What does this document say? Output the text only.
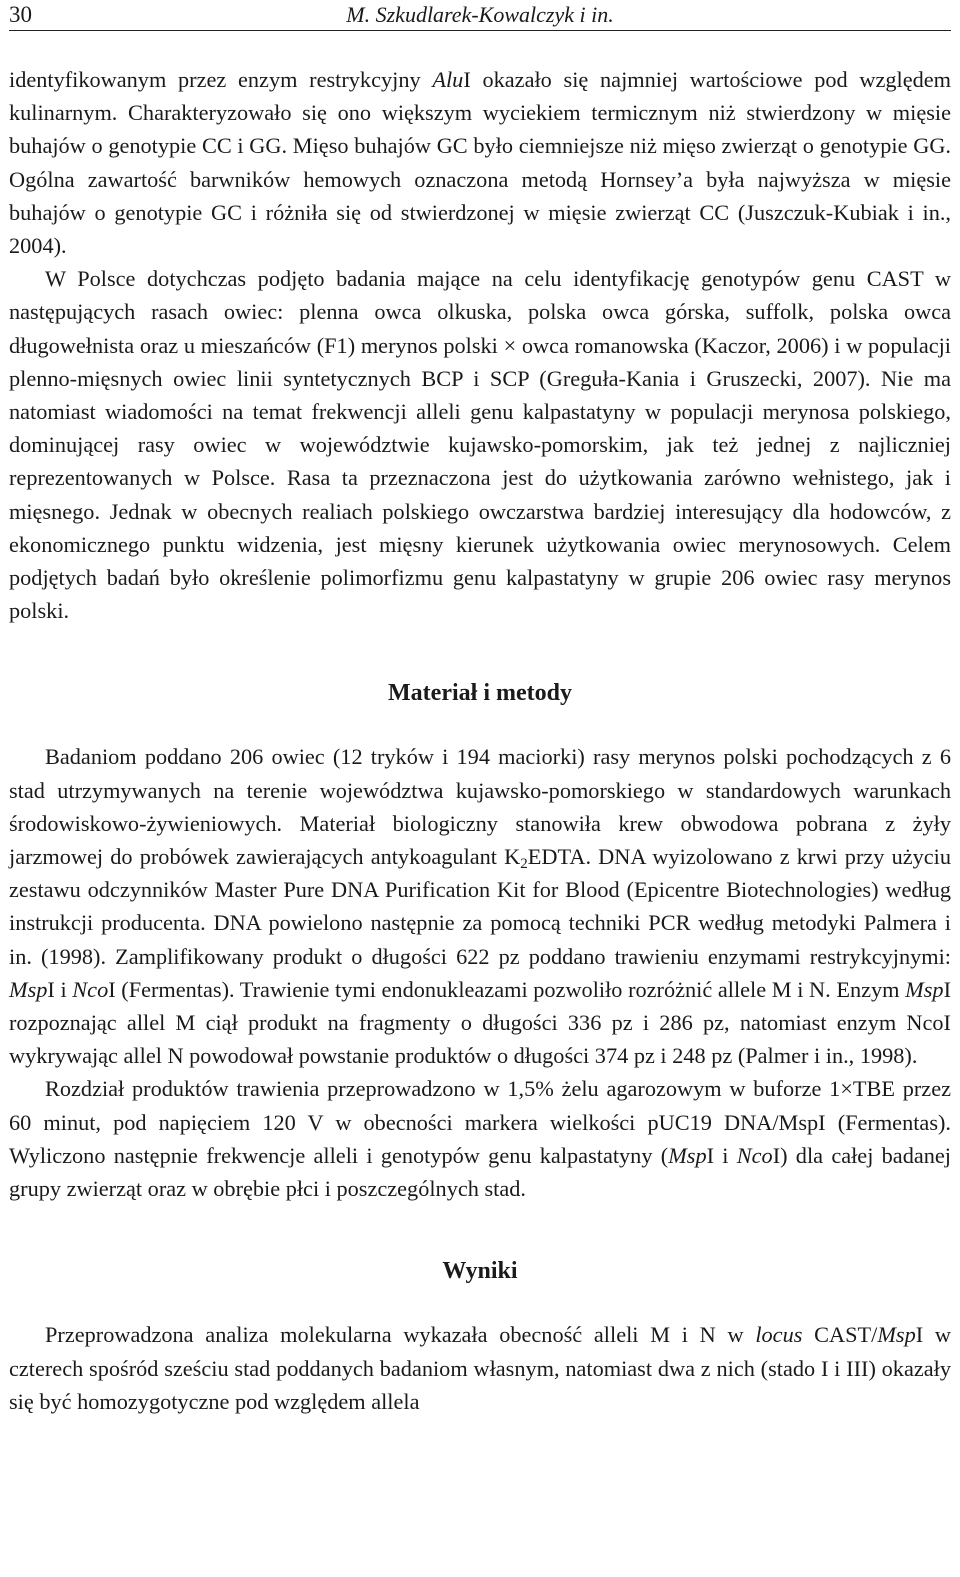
30	M. Szkudlarek-Kowalczyk i in.

identyfikowanym przez enzym restrykcyjny AluI okazało się najmniej wartościowe pod względem kulinarnym. Charakteryzowało się ono większym wyciekiem termicznym niż stwierdzony w mięsie buhajów o genotypie CC i GG. Mięso buhajów GC było ciemniejsze niż mięso zwierząt o genotypie GG. Ogólna zawartość barwników hemowych oznaczona metodą Hornsey’a była najwyższa w mięsie buhajów o genotypie GC i różniła się od stwierdzonej w mięsie zwierząt CC (Juszczuk-Kubiak i in., 2004).

W Polsce dotychczas podjęto badania mające na celu identyfikację genotypów genu CAST w następujących rasach owiec: plenna owca olkuska, polska owca górska, suffolk, polska owca długowełnista oraz u mieszańców (F1) merynos polski × owca romanowska (Kaczor, 2006) i w populacji plenno-mięsnych owiec linii syntetycznych BCP i SCP (Greguła-Kania i Gruszecki, 2007). Nie ma natomiast wiadomości na temat frekwencji alleli genu kalpastatyny w populacji merynosa polskiego, dominującej rasy owiec w województwie kujawsko-pomorskim, jak też jednej z najliczniej reprezentowanych w Polsce. Rasa ta przeznaczona jest do użytkowania zarówno wełnistego, jak i mięsnego. Jednak w obecnych realiach polskiego owczarstwa bardziej interesujący dla hodowców, z ekonomicznego punktu widzenia, jest mięsny kierunek użytkowania owiec merynosowych. Celem podjętych badań było określenie polimorfizmu genu kalpastatyny w grupie 206 owiec rasy merynos polski.

Materiał i metody

Badaniom poddano 206 owiec (12 tryków i 194 maciorki) rasy merynos polski pochodzących z 6 stad utrzymywanych na terenie województwa kujawsko-pomorskiego w standardowych warunkach środowiskowo-żywieniowych. Materiał biologiczny stanowiła krew obwodowa pobrana z żyły jarzmowej do probówek zawierających antykoagulant $K_2EDTA$. DNA wyizolowano z krwi przy użyciu zestawu odczynników Master Pure DNA Purification Kit for Blood (Epicentre Biotechnologies) według instrukcji producenta. DNA powielono następnie za pomocą techniki PCR według metodyki Palmera i in. (1998). Zamplifikowany produkt o długości 622 pz poddano trawieniu enzymami restrykcyjnymi: MspI i NcoI (Fermentas). Trawienie tymi endonukleazami pozwoliło rozróżnić allele M i N. Enzym MspI rozpoznając allel M ciął produkt na fragmenty o długości 336 pz i 286 pz, natomiast enzym NcoI wykrywając allel N powodował powstanie produktów o długości 374 pz i 248 pz (Palmer i in., 1998).

Rozdział produktów trawienia przeprowadzono w 1,5% żelu agarozowym w buforze 1×TBE przez 60 minut, pod napięciem 120 V w obecności markera wielkości pUC19 DNA/MspI (Fermentas). Wyliczono następnie frekwencje alleli i genotypów genu kalpastatyny (MspI i NcoI) dla całej badanej grupy zwierząt oraz w obrębie płci i poszczególnych stad.

Wyniki

Przeprowadzona analiza molekularna wykazała obecność alleli M i N w locus CAST/MspI w czterech spośród sześciu stad poddanych badaniom własnym, natomiast dwa z nich (stado I i III) okazały się być homozygotyczne pod względem allela
